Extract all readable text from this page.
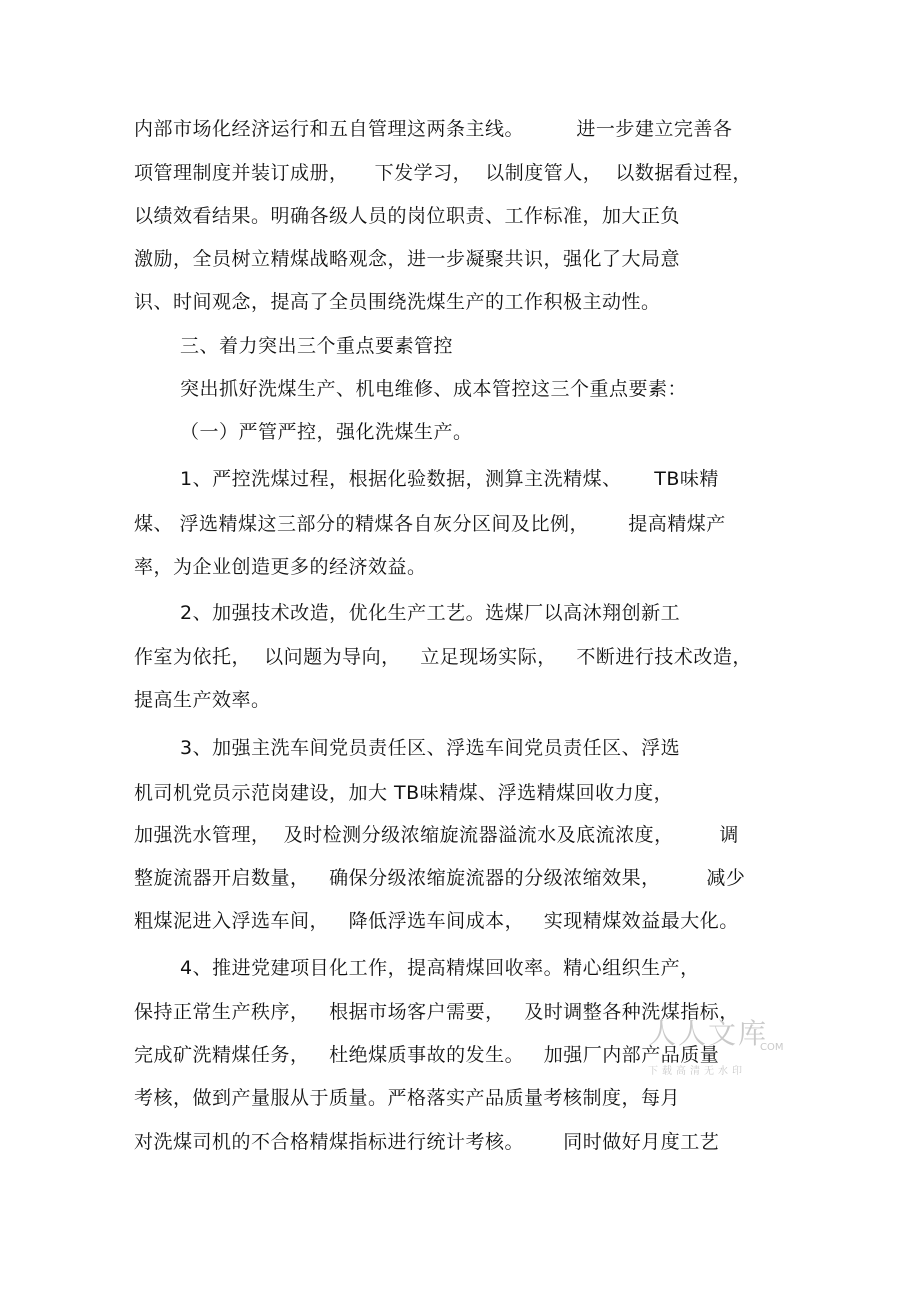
内部市场化经济运行和五自管理这两条主线。        进一步建立完善各
项管理制度并装订成册，    下发学习，  以制度管人，  以数据看过程，
以绩效看结果。明确各级人员的岗位职责、工作标准，加大正负
激励，全员树立精煤战略观念，进一步凝聚共识，强化了大局意
识、时间观念，提高了全员围绕洗煤生产的工作积极主动性。
三、着力突出三个重点要素管控
突出抓好洗煤生产、机电维修、成本管控这三个重点要素：
（一）严管严控，强化洗煤生产。
1、严控洗煤过程，根据化验数据，测算主洗精煤、     TB味精
煤、 浮选精煤这三部分的精煤各自灰分区间及比例，      提高精煤产
率，为企业创造更多的经济效益。
2、加强技术改造，优化生产工艺。选煤厂以高沐翔创新工
作室为依托，  以问题为导向，   立足现场实际，   不断进行技术改造，
提高生产效率。
3、加强主洗车间党员责任区、浮选车间党员责任区、浮选
机司机党员示范岗建设，加大 TB味精煤、浮选精煤回收力度，
加强洗水管理，  及时检测分级浓缩旋流器溢流水及底流浓度，       调
整旋流器开启数量，   确保分级浓缩旋流器的分级浓缩效果，       减少
粗煤泥进入浮选车间，   降低浮选车间成本，   实现精煤效益最大化。
4、推进党建项目化工作，提高精煤回收率。精心组织生产，
保持正常生产秩序，   根据市场客户需要，   及时调整各种洗煤指标，
完成矿洗精煤任务，   杜绝煤质事故的发生。   加强厂内部产品质量
考核，做到产量服从于质量。严格落实产品质量考核制度，每月
对洗煤司机的不合格精煤指标进行统计考核。      同时做好月度工艺
人人文库
COM
下载高清无水印
